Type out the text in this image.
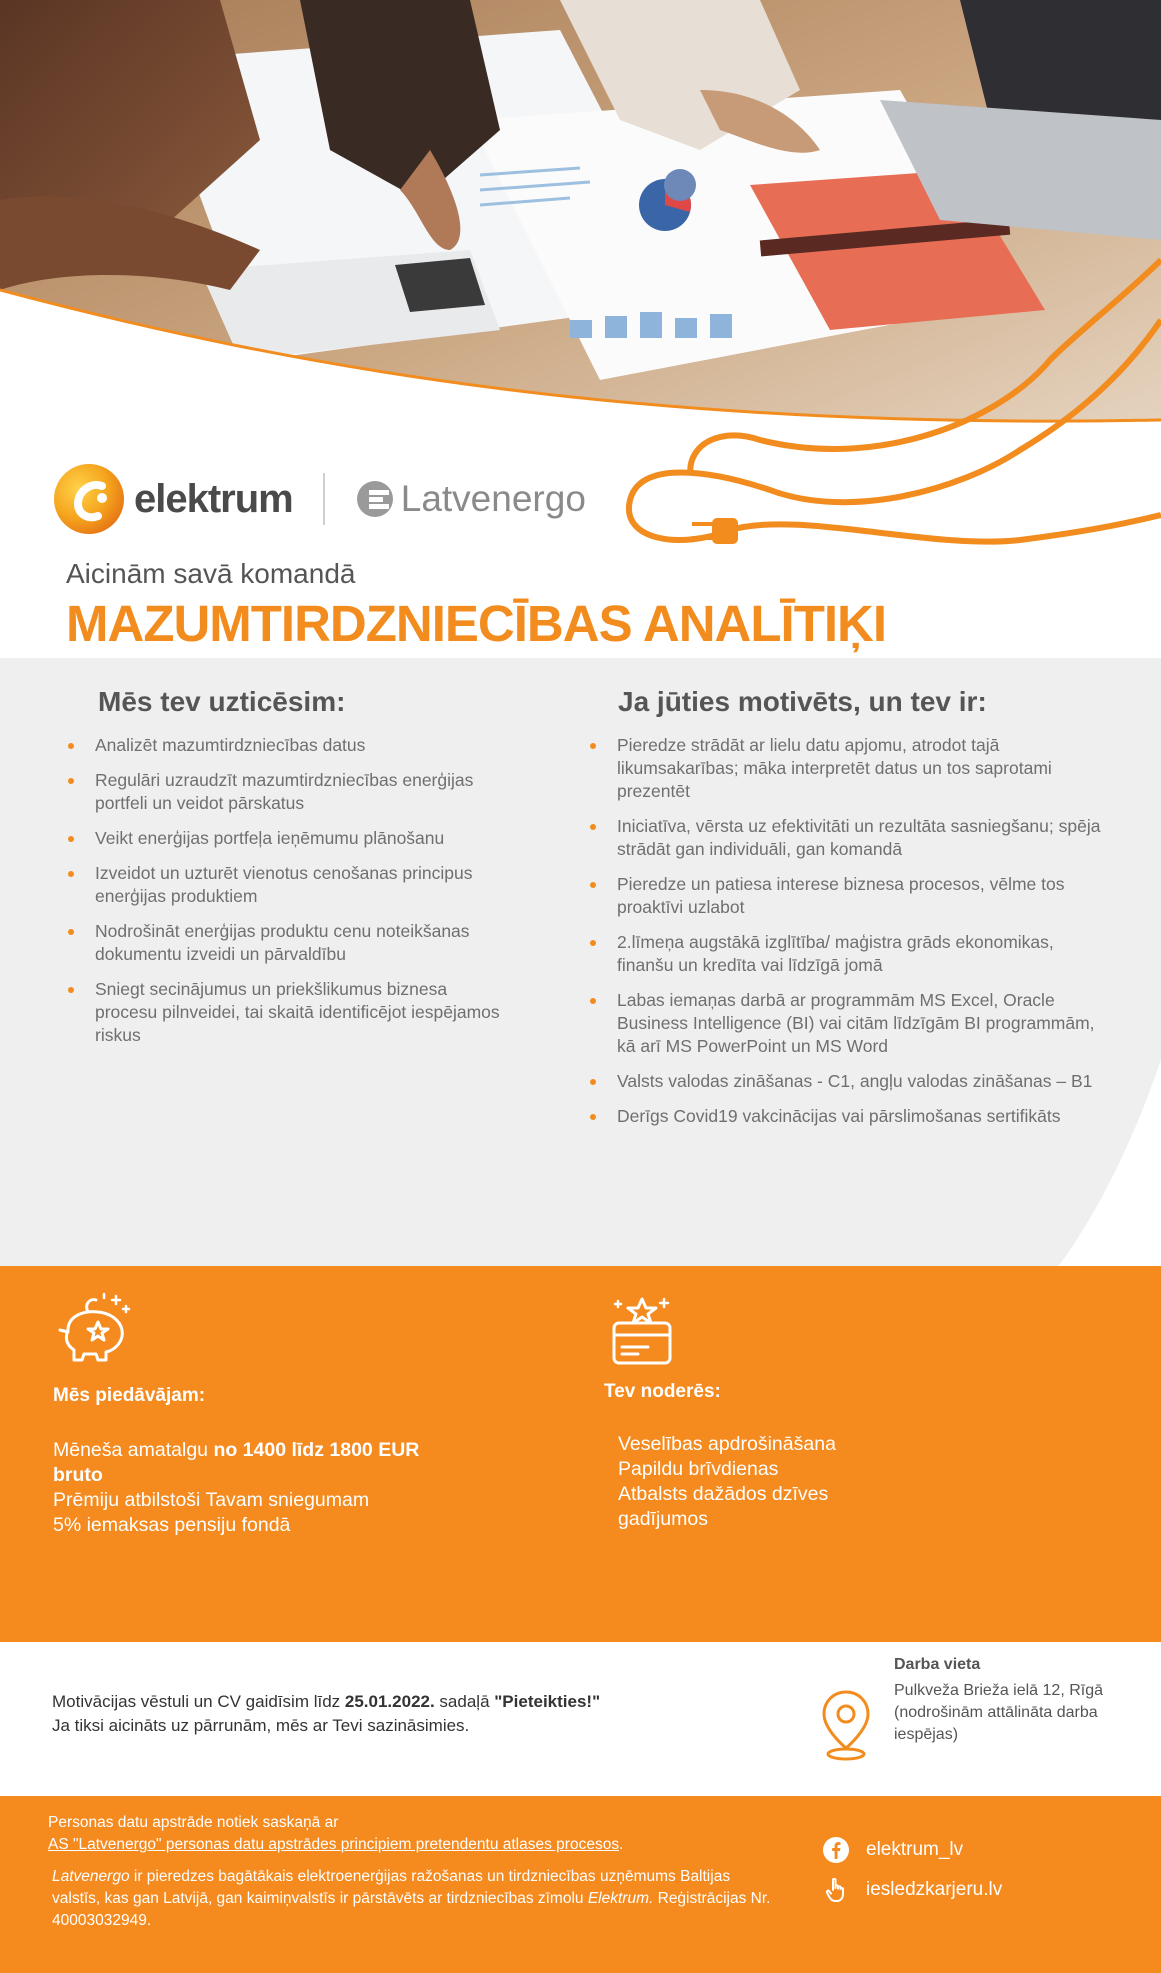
elektrum	Latvenergo
Aicinām savā komandā
MAZUMTIRDZNIECĪBAS ANALĪTIĶI
Mēs tev uzticēsim:
Analizēt mazumtirdzniecības datus
Regulāri uzraudzīt mazumtirdzniecības enerģijas portfeli un veidot pārskatus
Veikt enerģijas portfeļa ieņēmumu plānošanu
Izveidot un uzturēt vienotus cenošanas principus enerģijas produktiem
Nodrošināt enerģijas produktu cenu noteikšanas dokumentu izveidi un pārvaldību
Sniegt secinājumus un priekšlikumus biznesa procesu pilnveidei, tai skaitā identificējot iespējamos riskus
Ja jūties motivēts, un tev ir:
Pieredze strādāt ar lielu datu apjomu, atrodot tajā likumsakarības; māka interpretēt datus un tos saprotami prezentēt
Iniciatīva, vērsta uz efektivitāti un rezultāta sasniegšanu; spēja strādāt gan individuāli, gan komandā
Pieredze un patiesa interese biznesa procesos, vēlme tos proaktīvi uzlabot
2.līmeņa augstākā izglītība/ maģistra grāds ekonomikas, finanšu un kredīta vai līdzīgā jomā
Labas iemaņas darbā ar programmām MS Excel, Oracle Business Intelligence (BI) vai citām līdzīgām BI programmām, kā arī MS PowerPoint un MS Word
Valsts valodas zināšanas - C1, angļu valodas zināšanas – B1
Derīgs Covid19 vakcinācijas vai pārslimošanas sertifikāts
Mēs piedāvājam:
Mēneša amatalgu no 1400 līdz 1800 EUR bruto
Prēmiju atbilstoši Tavam sniegumam
5% iemaksas pensiju fondā
Tev noderēs:
Veselības apdrošināšana
Papildu brīvdienas
Atbalsts dažādos dzīves gadījumos
Motivācijas vēstuli un CV gaidīsim līdz 25.01.2022. sadaļā "Pieteikties!"
Ja tiksi aicināts uz pārrunām, mēs ar Tevi sazināsimies.
Darba vieta
Pulkveža Brieža ielā 12, Rīgā
(nodrošinām attālināta darba iespējas)
Personas datu apstrāde notiek saskaņā ar
AS "Latvenergo" personas datu apstrādes principiem pretendentu atlases procesos.
Latvenergo ir pieredzes bagātākais elektroenerģijas ražošanas un tirdzniecības uzņēmums Baltijas valstīs, kas gan Latvijā, gan kaimiņvalstīs ir pārstāvēts ar tirdzniecības zīmolu Elektrum. Reģistrācijas Nr. 40003032949.
elektrum_lv
iesledzkarjeru.lv
